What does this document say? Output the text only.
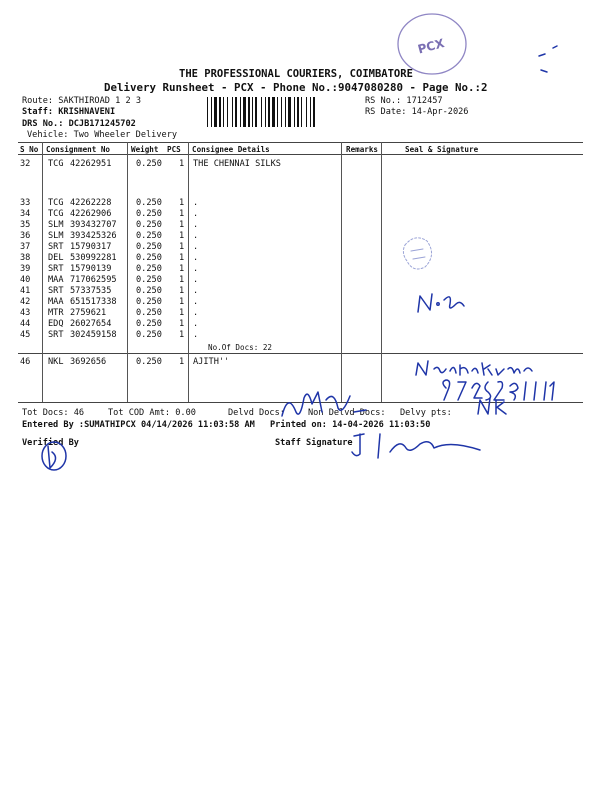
PCX
THE PROFESSIONAL COURIERS, COIMBATORE
Delivery Runsheet - PCX - Phone No.:9047080280 - Page No.:2
Route: SAKTHIROAD 1 2 3
Staff: KRISHNAVENI
DRS No.: DCJB171245702
Vehicle: Two Wheeler Delivery
RS No.: 1712457
RS Date: 14-Apr-2026
S No Consignment No	Weight PCS Consignee Details	Remarks	Seal & Signature
32 TCG 42262951	0.250 1 THE CHENNAI SILKS
33 TCG 42262228	0.250 1 .
34 TCG 42262906	0.250 1 .
35 SLM 393432707 0.250 1 .
36 SLM 393425326 0.250 1 .
37 SRT 15790317	0.250 1 .
38 DEL 530992281 0.250 1 .
39 SRT 15790139	0.250 1 .
40 MAA 717062595 0.250 1 .
41 SRT 57337535	0.250 1 .
42 MAA 651517338 0.250 1 .
43 MTR 2759621	0.250 1 .
44 EDQ 26027654	0.250 1 .
45 SRT 302459158 0.250 1 .
46 NKL 3692656	0.250 1 AJITH''
No.Of Docs: 22
Tot Docs: 46	Tot COD Amt: 0.00	Delvd Docs:	Non Delvd Docs: Delvy pts:
Entered By :SUMATHIPCX 04/14/2026 11:03:58 AM Printed on: 14-04-2026 11:03:50
Verified By	Staff Signature
